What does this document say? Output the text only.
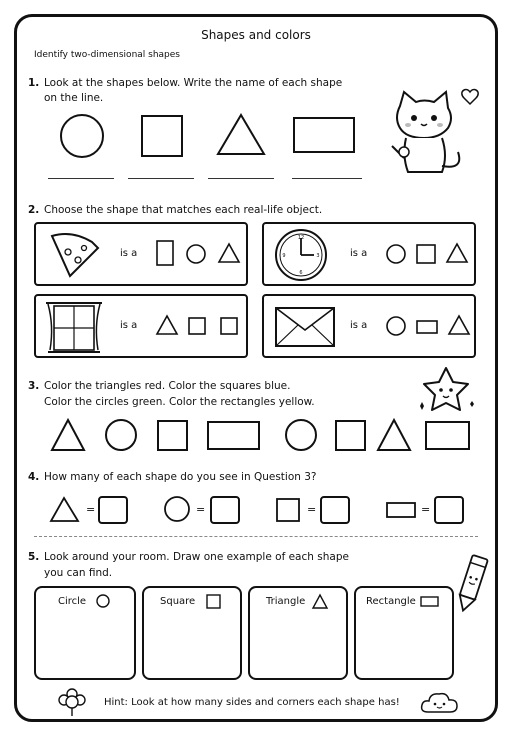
Shapes and colors
Identify two-dimensional shapes
1. Look at the shapes below. Write the name of each shape
on the line.
2. Choose the shape that matches each real-life object.
is a
12
3
6
9	is a
is a	is a
3. Color the triangles red. Color the squares blue.
Color the circles green. Color the rectangles yellow.
4. How many of each shape do you see in Question 3?
=	=	=	=
5. Look around your room. Draw one example of each shape
you can find.
Circle	Square	Triangle	Rectangle
Hint: Look at how many sides and corners each shape has!
